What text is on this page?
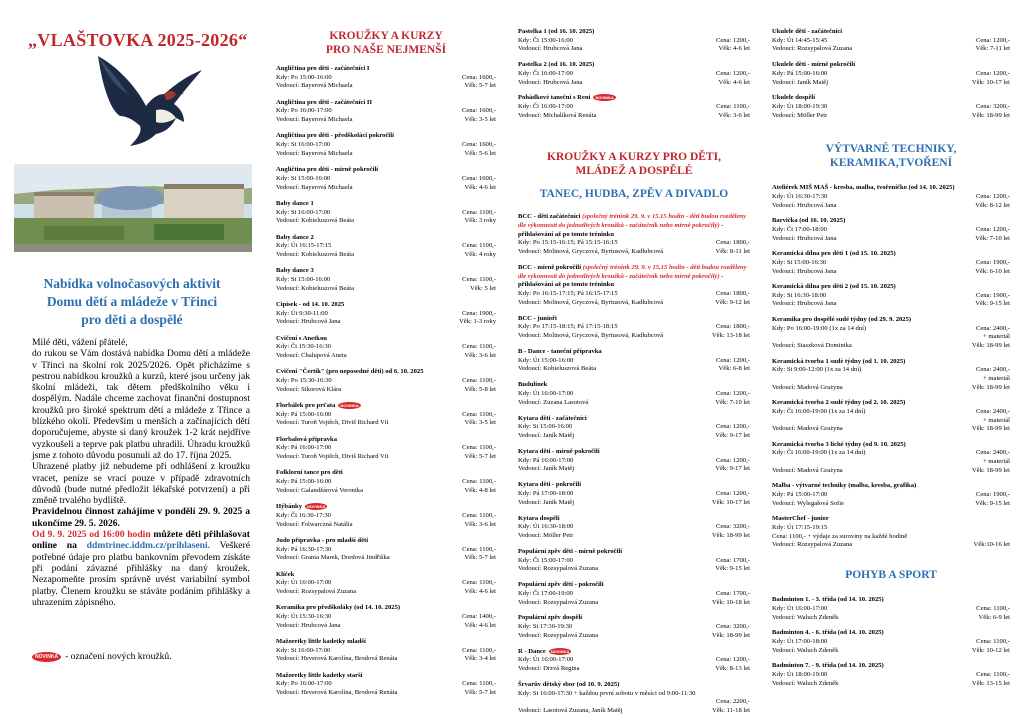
„VLAŠTOVKA 2025-2026“
Nabídka volnočasových aktivit
Domu dětí a mládeže v Třinci
pro děti a dospělé

Milé děti, vážení přátelé,

do rukou se Vám dostává nabídka Domu dětí a mládeže v Třinci na školní rok 2025/2026. Opět přicházíme s pestrou nabídkou kroužků a kurzů, které jsou určeny jak školní mládeži, tak dětem předškolního věku i dospělým. Nadále chceme zachovat finanční dostupnost kroužků pro široké spektrum dětí a mládeže z Třince a blízkého okolí. Především u menších a začínajících dětí doporučujeme, abyste si daný kroužek 1-2 krát nejdříve vyzkoušeli a teprve pak platbu uhradili. Úhradu kroužků jsme z tohoto důvodu posunuli až do 17. října 2025.

Uhrazené platby již nebudeme při odhlášení z kroužku vracet, peníze se vrací pouze v případě zdravotních důvodů (bude nutné předložit lékařské potvrzení) a při změně trvalého bydliště.

Pravidelnou činnost zahájíme v pondělí 29. 9. 2025 a ukončíme 29. 5. 2026.

Od 9. 9. 2025 od 16:00 hodin můžete děti přihlašovat online na ddmtrinec.iddm.cz/prihlaseni. Veškeré potřebné údaje pro platbu bankovním převodem získáte při podání závazné přihlášky na daný kroužek. Nezapomeňte prosím správně uvést variabilní symbol platby. Členem kroužku se stáváte podáním přihlášky a uhrazením zápisného.

NOVINKA - označení nových kroužků.
KROUŽKY A KURZY
PRO NAŠE NEJMENŠÍ
Angličtina pro děti - začátečníci I
Kdy: Po 15:00-16:00	Cena: 1600,-
Vedoucí: Bayerová Michaela	Věk: 5-7 let
Angličtina pro děti - začátečníci II
Kdy: Po 16:00-17:00	Cena: 1600,-
Vedoucí: Bayerová Michaela	Věk: 3-5 let
Angličtina pro děti - předškoláci pokročilí
Kdy: St 16:00-17:00	Cena: 1600,-
Vedoucí: Bayerová Michaela	Věk: 5-6 let
Angličtina pro děti - mírně pokročilí
Kdy: St 15:00-16:00	Cena: 1600,-
Vedoucí: Bayerová Michaela	Věk: 4-6 let
Baby dance 1
Kdy: St 16:00-17:00	Cena: 1100,-
Vedoucí: Kobieluszová Beáta	Věk: 3 roky
Baby dance 2
Kdy: Út 16:15-17:15	Cena: 1100,-
Vedoucí: Kobieluszová Beáta	Věk: 4 roky
Baby dance 3
Kdy: St 15:00-16:00	Cena: 1100,-
Vedoucí: Kobieluszová Beáta	Věk: 5 let
Cipísek - od 14. 10. 2025
Kdy: Út 9:30-11:00	Cena: 1900,-
Vedoucí: Hrubcová Jana	Věk: 1-3 roky
Cvičení s Anetkou
Kdy: Čt 15:30-16:30	Cena: 1100,-
Vedoucí: Chalupová Aneta	Věk: 3-6 let
Cvičení "Čertík" (pro neposedné děti) od 6. 10. 2025
Kdy: Po 15:30-16:30	Cena: 1100,-
Vedoucí: Sikorová Klára	Věk: 5-8 let
Florbálek pro prťata NOVINKA
Kdy: Pá 15:00-16:00	Cena: 1100,-
Vedoucí: Turoň Vojtěch, Diviš Richard Vít	Věk: 3-5 let
Florbalová přípravka
Kdy: Pá 16:00-17:00	Cena: 1100,-
Vedoucí: Turoň Vojtěch, Diviš Richard Vít	Věk: 5-7 let
Folklorní tance pro děti
Kdy: Pá 15:00-16:00	Cena: 1100,-
Vedoucí: Galandžárová Veronika	Věk: 4-8 let
Hýbánky NOVINKA
Kdy: Čt 16:30-17:30	Cena: 1100,-
Vedoucí: Folwarczná Natália	Věk: 3-6 let
Judo přípravka - pro mladší děti
Kdy: Pá 16:30-17:30	Cena: 1100,-
Vedoucí: Grania Marek, Dordová Jindřiška	Věk: 5-7 let
Klíček
Kdy: Út 16:00-17:00	Cena: 1100,-
Vedoucí: Rozsypalová Zuzana	Věk: 4-6 let
Keramika pro předškoláky (od 14. 10. 2025)
Kdy: Út 15:30-16:30	Cena: 1400,-
Vedoucí: Hrubcová Jana	Věk: 4-6 let
Mažoretky little kadetky mladší
Kdy: St 16:00-17:00	Cena: 1100,-
Vedoucí: Heverová Karolína, Brodová Renáta	Věk: 3-4 let
Mažoretky little kadetky starší
Kdy: Po 16:00-17:00	Cena: 1100,-
Vedoucí: Heverová Karolína, Brodová Renáta	Věk: 5-7 let
Pastelka 1 (od 16. 10. 2025)
Kdy: Čt 15:00-16:00	Cena: 1200,-
Vedoucí: Hrubcová Jana	Věk: 4-6 let
Pastelka 2 (od 16. 10. 2025)
Kdy: Čt 16:00-17:00	Cena: 1200,-
Vedoucí: Hrubcová Jana	Věk: 4-6 let
Pohádkové taneční s Reni NOVINKA
Kdy: Čt 16:00-17:00	Cena: 1100,-
Vedoucí: Michalíková Renáta	Věk: 3-6 let
KROUŽKY A KURZY PRO DĚTI,
MLÁDEŽ A DOSPĚLÉ
TANEC, HUDBA, ZPĚV A DIVADLO
BCC - děti začátečníci (společný trénink 29. 9. v 15.15 hodin - děti budou rozděleny dle výkonnosti do jednotlivých kroužků - začátečník nebo mírně pokročilý) - přihlašování až po tomto tréninku
Kdy: Po 15:15-16:15; Pá 15:15-16:15	Cena: 1800,-
Vedoucí: Molinová, Gryczová, Byrtusová, Kadłubcová	Věk: 8-11 let
BCC - mírně pokročilí (společný trénink 29. 9. v 15.15 hodin - děti budou rozděleny dle výkonnosti do jednotlivých kroužků - začátečník nebo mírně pokročilý) - přihlašování až po tomto tréninku
Kdy: Po 16:15-17:15; Pá 16:15-17:15	Cena: 1800,-
Vedoucí: Molinová, Gryczová, Byrtusová, Kadłubcová	Věk: 9-12 let
BCC - junioři
Kdy: Po 17:15-18:15; Pá 17:15-18:15	Cena: 1800,-
Vedoucí: Molinová, Gryczová, Byrtusová, Kadłubcová	Věk: 13-18 let
B - Dance - taneční přípravka
Kdy: Út 15:00-16:00	Cena: 1200,-
Vedoucí: Kobieluszová Beáta	Věk: 6-8 let
Budulínek
Kdy: Út 16:00-17:00	Cena: 1200,-
Vedoucí: Zuzana Lasotová	Věk: 7-10 let
Kytara děti - začátečníci
Kdy: St 15:00-16:00	Cena: 1200,-
Vedoucí: Janík Matěj	Věk: 9-17 let
Kytara děti - mírně pokročilí
Kdy: Pá 16:00-17:00	Cena: 1200,-
Vedoucí: Janík Matěj	Věk: 9-17 let
Kytara děti - pokročilí
Kdy: Pá 17:00-18:00	Cena: 1200,-
Vedoucí: Janík Matěj	Věk: 10-17 let
Kytara dospělí
Kdy: Út 16:30-18:00	Cena: 3200,-
Vedoucí: Möller Petr	Věk: 18-99 let
Populární zpěv děti - mírně pokročilí
Kdy: Čt 15:00-17:00	Cena: 1700,-
Vedoucí: Rozsypalová Zuzana	Věk: 9-15 let
Populární zpěv děti - pokročilí
Kdy: Čt 17:00-19:00	Cena: 1700,-
Vedoucí: Rozsypalová Zuzana	Věk: 10-18 let
Populární zpěv dospělí
Kdy: St 17:30-19:30	Cena: 3200,-
Vedoucí: Rozsypalová Zuzana	Věk: 18-99 let
R - Dance NOVINKA
Kdy: Út 16:00-17:00	Cena: 1200,-
Vedoucí: Drzvá Regina	Věk: 8-13 let
Šrvarův dětský sbor (od 10. 9. 2025)
Kdy: St 16:00-17:30 + každou první sobotu v měsíci od 9:00-11:30
Cena: 2200,-
Vedoucí: Lasotová Zuzana, Janík Matěj	Věk: 11-18 let
Ukulele děti - začátečníci
Kdy: Út 14:45-15:45	Cena: 1200,-
Vedoucí: Rozsypalová Zuzana	Věk: 7-11 let
Ukulele děti - mírně pokročilí
Kdy: Pá 15:00-16:00	Cena: 1200,-
Vedoucí: Janík Matěj	Věk: 10-17 let
Ukulele dospělí
Kdy: Út 18:00-19:30	Cena: 3200,-
Vedoucí: Möller Petr	Věk: 18-99 let
VÝTVARNÉ TECHNIKY,
KERAMIKA,TVOŘENÍ
Ateliérek MIŠ MAŠ - kresba, malba, tvořeníčko (od 14. 10. 2025)
Kdy: Út 16:30-17:30	Cena: 1200,-
Vedoucí: Hrubcová Jana	Věk: 8-12 let
Barvička (od 16. 10. 2025)
Kdy: Čt 17:00-18:00	Cena: 1200,-
Vedoucí: Hrubcová Jana	Věk: 7-10 let
Keramická dílna pro děti 1 (od 15. 10. 2025)
Kdy: St 15:00-16:30	Cena: 1900,-
Vedoucí: Hrubcová Jana	Věk: 6-10 let
Keramická dílna pro děti 2 (od 15. 10. 2025)
Kdy: St 16:30-18:00	Cena: 1900,-
Vedoucí: Hrubcová Jana	Věk: 9-15 let
Keramika pro dospělé sudé týdny (od 29. 9. 2025)
Kdy: Po 16:00-19:00 (1x za 14 dní)	Cena: 2400,-
+ materiál
Vedoucí: Staszková Dominika	Věk: 18-99 let
Keramická tvorba 1 sudé týdny (od 1. 10. 2025)
Kdy: St 9:00-12:00 (1x za 14 dní)	Cena: 2400,-
+ materiál
Vedoucí: Madová Grażyna	Věk: 18-99 let
Keramická tvorba 2 sudé týdny (od 2. 10. 2025)
Kdy: Čt 16:00-19:00 (1x za 14 dní)	Cena: 2400,-
+ materiál
Vedoucí: Madová Grażyna	Věk: 18-99 let
Keramická tvorba 3 liché týdny (od 9. 10. 2025)
Kdy: Čt 16:00-19:00 (1x za 14 dní)	Cena: 2400,-
+ materiál
Vedoucí: Madová Grażyna	Věk: 18-99 let
Malba - výtvarné techniky (malba, kresba, grafika)
Kdy: Pá 15:00-17:00	Cena: 1900,-
Vedoucí: Wylegałová Sofie	Věk: 9-15 let
MasterChef - junior
Kdy: Út 17:15-19:15
Cena: 1100,- + výdaje za suroviny na každé hodině
Vedoucí: Rozsypalová Zuzana	Věk:10-16 let
POHYB A SPORT
Badminton 1. - 3. třída (od 14. 10. 2025)
Kdy: Út 16:00-17:00	Cena: 1100,-
Vedoucí: Waluch Zdeněk	Věk: 6-9 let
Badminton 4. - 6. třída (od 14. 10. 2025)
Kdy: Út 17:00-18:00	Cena: 1100,-
Vedoucí: Waluch Zdeněk	Věk: 10-12 let
Badminton 7. - 9. třída (od 14. 10. 2025)
Kdy: Út 18:00-19:00	Cena: 1100,-
Vedoucí: Waluch Zdeněk	Věk: 13-15 let
